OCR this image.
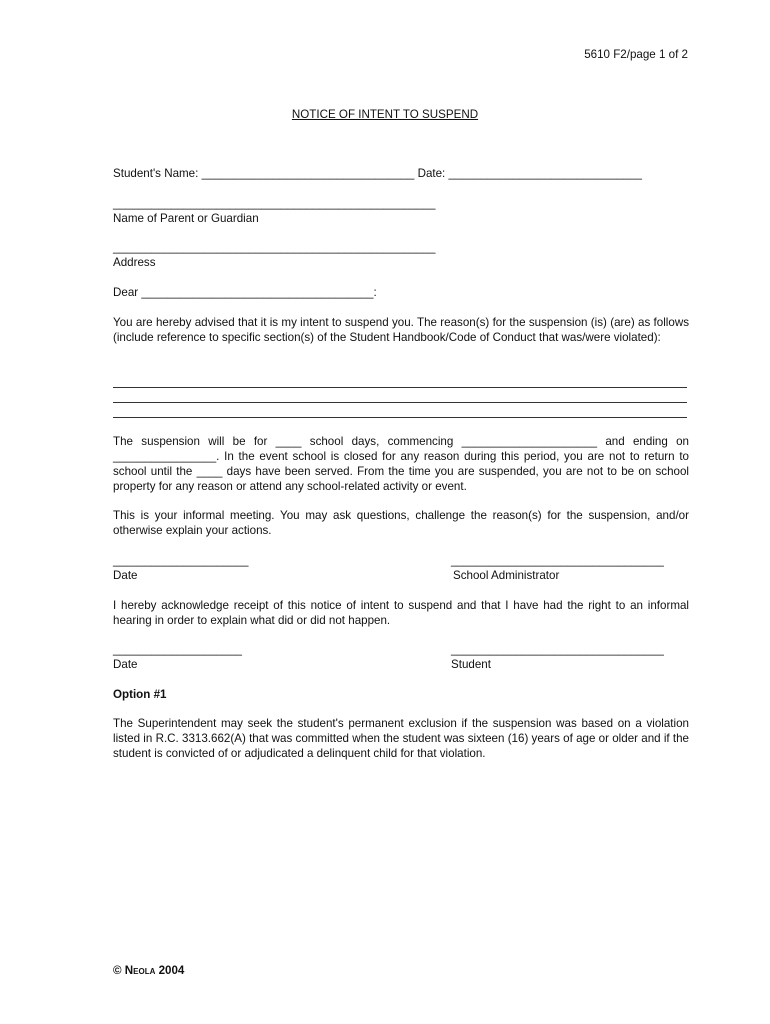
5610 F2/page 1 of 2
NOTICE OF INTENT TO SUSPEND
Student's Name: _________________________________ Date: ______________________________
__________________________________________________
Name of Parent or Guardian
__________________________________________________
Address
Dear ____________________________________:
You are hereby advised that it is my intent to suspend you. The reason(s) for the suspension (is) (are) as follows (include reference to specific section(s) of the Student Handbook/Code of Conduct that was/were violated):
The suspension will be for ____ school days, commencing _____________________ and ending on ________________. In the event school is closed for any reason during this period, you are not to return to school until the ____ days have been served. From the time you are suspended, you are not to be on school property for any reason or attend any school-related activity or event.
This is your informal meeting. You may ask questions, challenge the reason(s) for the suspension, and/or otherwise explain your actions.
_____________________
Date
_________________________________
School Administrator
I hereby acknowledge receipt of this notice of intent to suspend and that I have had the right to an informal hearing in order to explain what did or did not happen.
____________________
Date
_________________________________
Student
Option #1
The Superintendent may seek the student's permanent exclusion if the suspension was based on a violation listed in R.C. 3313.662(A) that was committed when the student was sixteen (16) years of age or older and if the student is convicted of or adjudicated a delinquent child for that violation.
© Neola 2004
